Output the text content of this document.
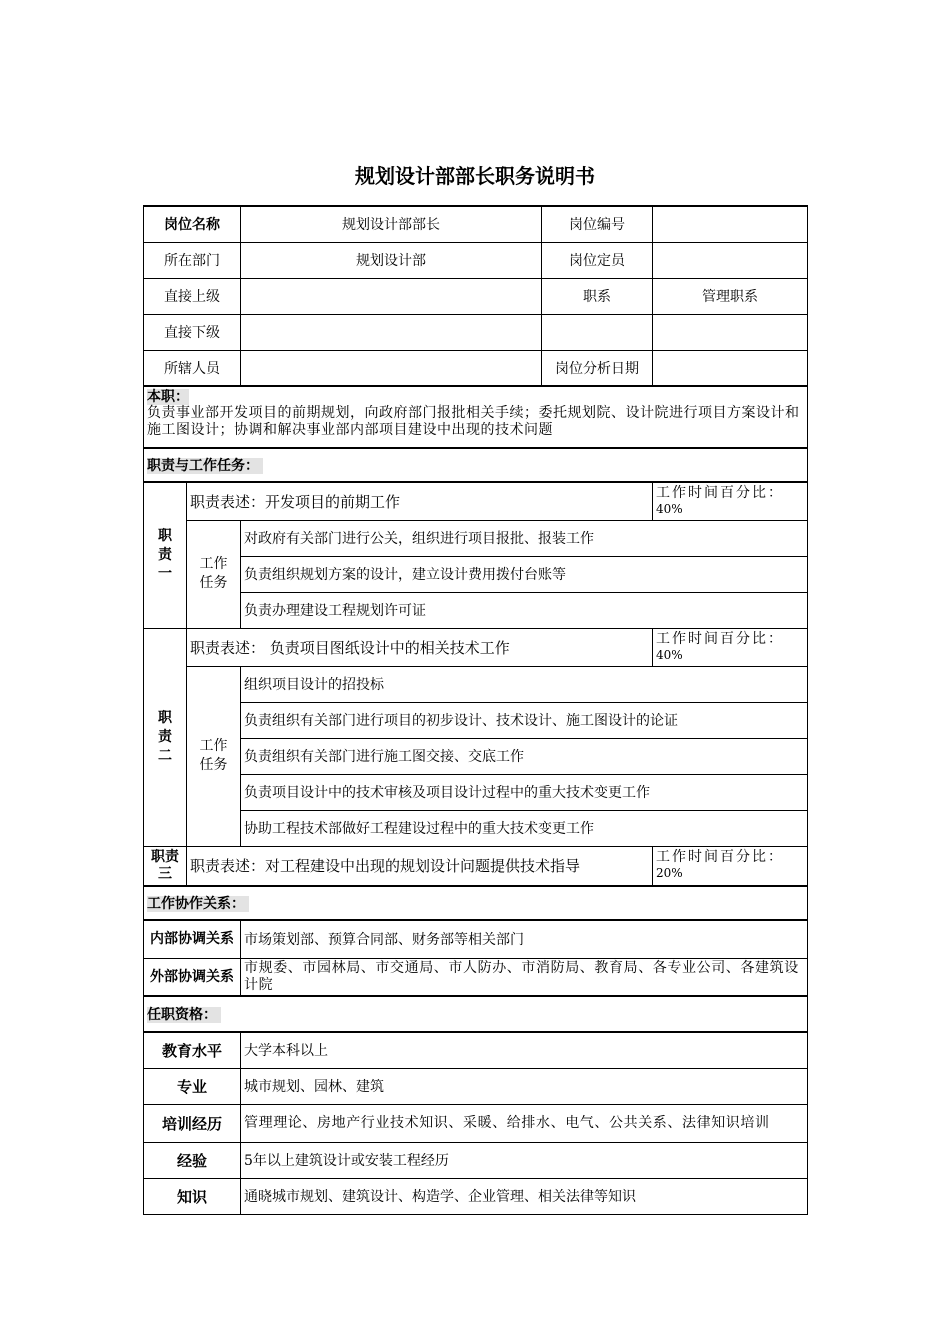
规划设计部部长职务说明书
岗位名称		规划设计部部长	岗位编号	
所在部门		规划设计部	岗位定员	
直接上级			职系	管理职系
直接下级				
所辖人员			岗位分析日期	
本职：
负责事业部开发项目的前期规划，向政府部门报批相关手续；委托规划院、设计院进行项目方案设计和施工图设计；协调和解决事业部内部项目建设中出现的技术问题				

职责与工作任务：				
职责一	职责表述：开发项目的前期工作			工作时间百分比：
40%

	工作任务	对政府有关部门进行公关，组织进行项目报批、报装工作		
		负责组织规划方案的设计，建立设计费用拨付台账等		
		负责办理建设工程规划许可证		
职责二	职责表述： 负责项目图纸设计中的相关技术工作			工作时间百分比：
40%

	工作任务	组织项目设计的招投标		
		负责组织有关部门进行项目的初步设计、技术设计、施工图设计的论证		
		负责组织有关部门进行施工图交接、交底工作		
		负责项目设计中的技术审核及项目设计过程中的重大技术变更工作		
		协助工程技术部做好工程建设过程中的重大技术变更工作		
职责三	职责表述：对工程建设中出现的规划设计问题提供技术指导			工作时间百分比：
20%

工作协作关系：				
内部协调关系		市场策划部、预算合同部、财务部等相关部门		
外部协调关系		市规委、市园林局、市交通局、市人防办、市消防局、教育局、各专业公司、各建筑设计院		
任职资格：				
教育水平		大学本科以上		
专业		城市规划、园林、建筑		
培训经历		管理理论、房地产行业技术知识、采暖、给排水、电气、公共关系、法律知识培训		
经验		5年以上建筑设计或安装工程经历		
知识		通晓城市规划、建筑设计、构造学、企业管理、相关法律等知识		
